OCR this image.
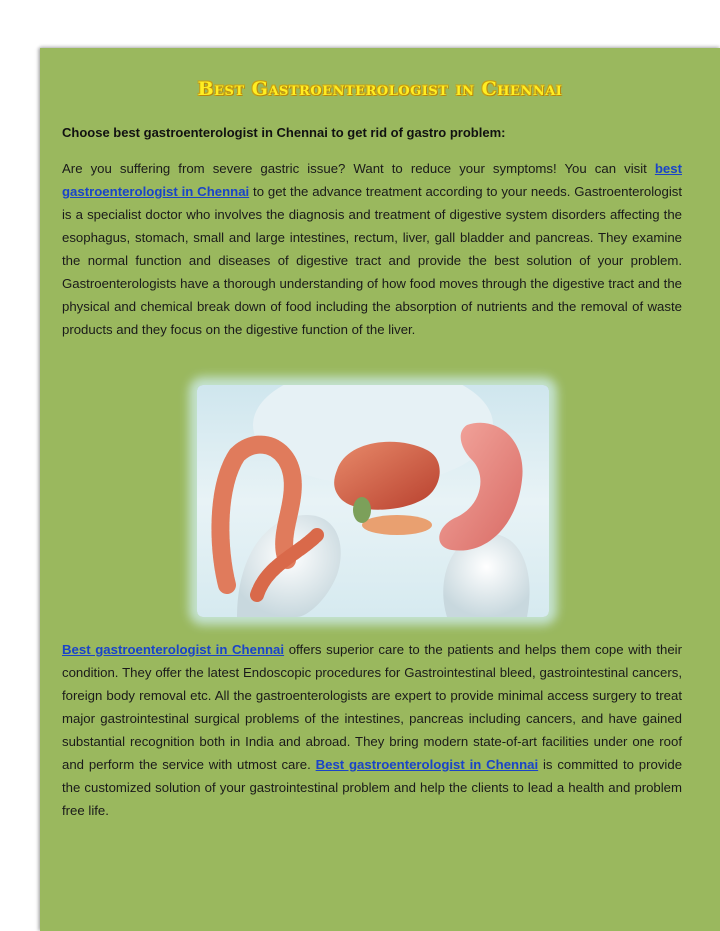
Best Gastroenterologist in Chennai
Choose best gastroenterologist in Chennai to get rid of gastro problem:
Are you suffering from severe gastric issue? Want to reduce your symptoms! You can visit best gastroenterologist in Chennai to get the advance treatment according to your needs. Gastroenterologist is a specialist doctor who involves the diagnosis and treatment of digestive system disorders affecting the esophagus, stomach, small and large intestines, rectum, liver, gall bladder and pancreas. They examine the normal function and diseases of digestive tract and provide the best solution of your problem. Gastroenterologists have a thorough understanding of how food moves through the digestive tract and the physical and chemical break down of food including the absorption of nutrients and the removal of waste products and they focus on the digestive function of the liver.
Best gastroenterologist in Chennai offers superior care to the patients and helps them cope with their condition. They offer the latest Endoscopic procedures for Gastrointestinal bleed, gastrointestinal cancers, foreign body removal etc. All the gastroenterologists are expert to provide minimal access surgery to treat major gastrointestinal surgical problems of the intestines, pancreas including cancers, and have gained substantial recognition both in India and abroad. They bring modern state-of-art facilities under one roof and perform the service with utmost care. Best gastroenterologist in Chennai is committed to provide the customized solution of your gastrointestinal problem and help the clients to lead a health and problem free life.
